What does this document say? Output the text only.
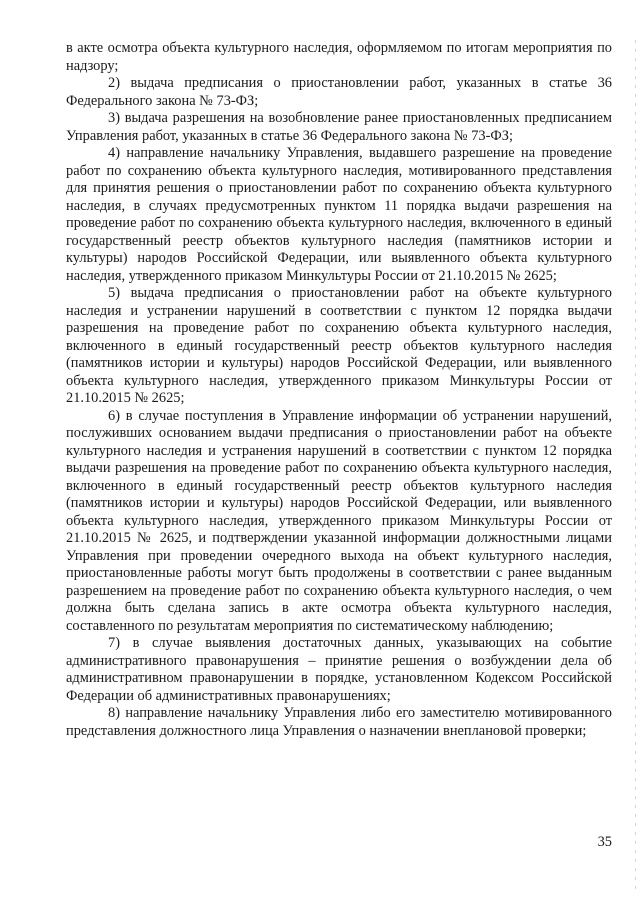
в акте осмотра объекта культурного наследия, оформляемом по итогам мероприятия по надзору;

2) выдача предписания о приостановлении работ, указанных в статье 36 Федерального закона № 73-ФЗ;

3) выдача разрешения на возобновление ранее приостановленных предписанием Управления работ, указанных в статье 36 Федерального закона № 73-ФЗ;

4) направление начальнику Управления, выдавшего разрешение на проведение работ по сохранению объекта культурного наследия, мотивированного представления для принятия решения о приостановлении работ по сохранению объекта культурного наследия, в случаях предусмотренных пунктом 11 порядка выдачи разрешения на проведение работ по сохранению объекта культурного наследия, включенного в единый государственный реестр объектов культурного наследия (памятников истории и культуры) народов Российской Федерации, или выявленного объекта культурного наследия, утвержденного приказом Минкультуры России от 21.10.2015 № 2625;

5) выдача предписания о приостановлении работ на объекте культурного наследия и устранении нарушений в соответствии с пунктом 12 порядка выдачи разрешения на проведение работ по сохранению объекта культурного наследия, включенного в единый государственный реестр объектов культурного наследия (памятников истории и культуры) народов Российской Федерации, или выявленного объекта культурного наследия, утвержденного приказом Минкультуры России от 21.10.2015 № 2625;

6) в случае поступления в Управление информации об устранении нарушений, послуживших основанием выдачи предписания о приостановлении работ на объекте культурного наследия и устранения нарушений в соответствии с пунктом 12 порядка выдачи разрешения на проведение работ по сохранению объекта культурного наследия, включенного в единый государственный реестр объектов культурного наследия (памятников истории и культуры) народов Российской Федерации, или выявленного объекта культурного наследия, утвержденного приказом Минкультуры России от 21.10.2015 № 2625, и подтверждении указанной информации должностными лицами Управления при проведении очередного выхода на объект культурного наследия, приостановленные работы могут быть продолжены в соответствии с ранее выданным разрешением на проведение работ по сохранению объекта культурного наследия, о чем должна быть сделана запись в акте осмотра объекта культурного наследия, составленного по результатам мероприятия по систематическому наблюдению;

7) в случае выявления достаточных данных, указывающих на событие административного правонарушения – принятие решения о возбуждении дела об административном правонарушении в порядке, установленном Кодексом Российской Федерации об административных правонарушениях;

8) направление начальнику Управления либо его заместителю мотивированного представления должностного лица Управления о назначении внеплановой проверки;

35
